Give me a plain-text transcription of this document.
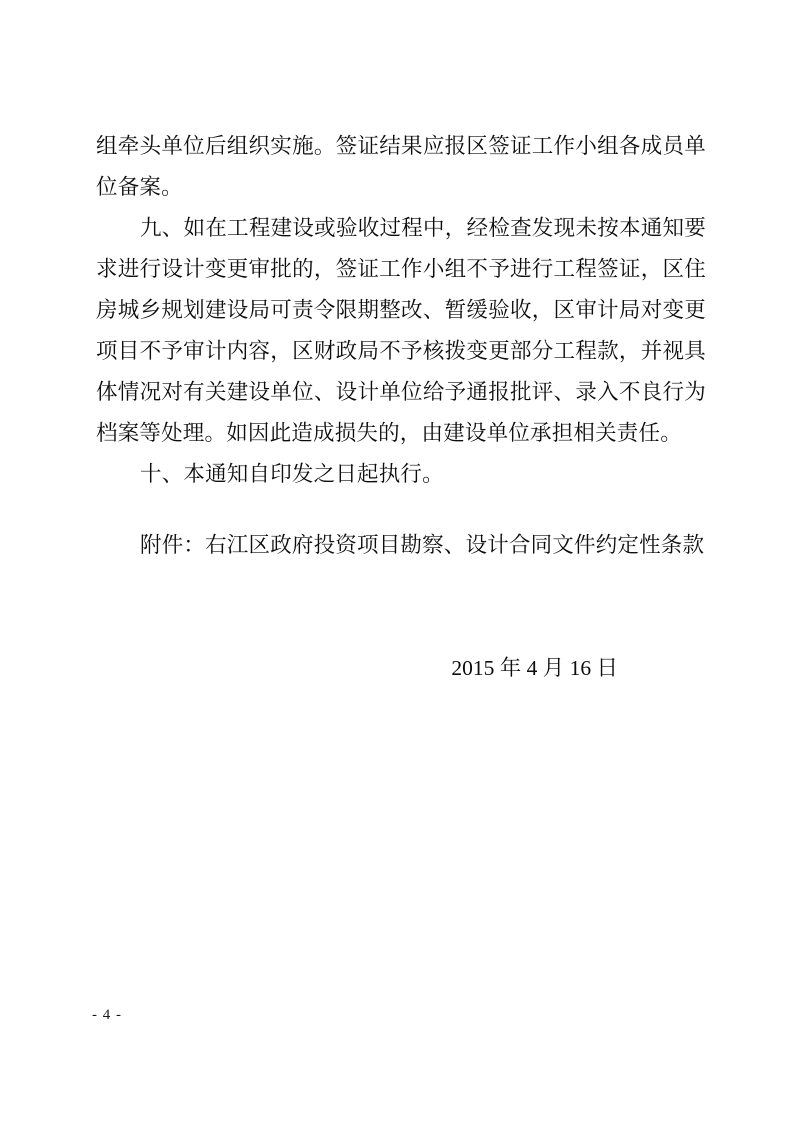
组牵头单位后组织实施。签证结果应报区签证工作小组各成员单位备案。

九、如在工程建设或验收过程中，经检查发现未按本通知要求进行设计变更审批的，签证工作小组不予进行工程签证，区住房城乡规划建设局可责令限期整改、暂缓验收，区审计局对变更项目不予审计内容，区财政局不予核拨变更部分工程款，并视具体情况对有关建设单位、设计单位给予通报批评、录入不良行为档案等处理。如因此造成损失的，由建设单位承担相关责任。

十、本通知自印发之日起执行。

附件：右江区政府投资项目勘察、设计合同文件约定性条款

2015 年 4 月 16 日
- 4 -
